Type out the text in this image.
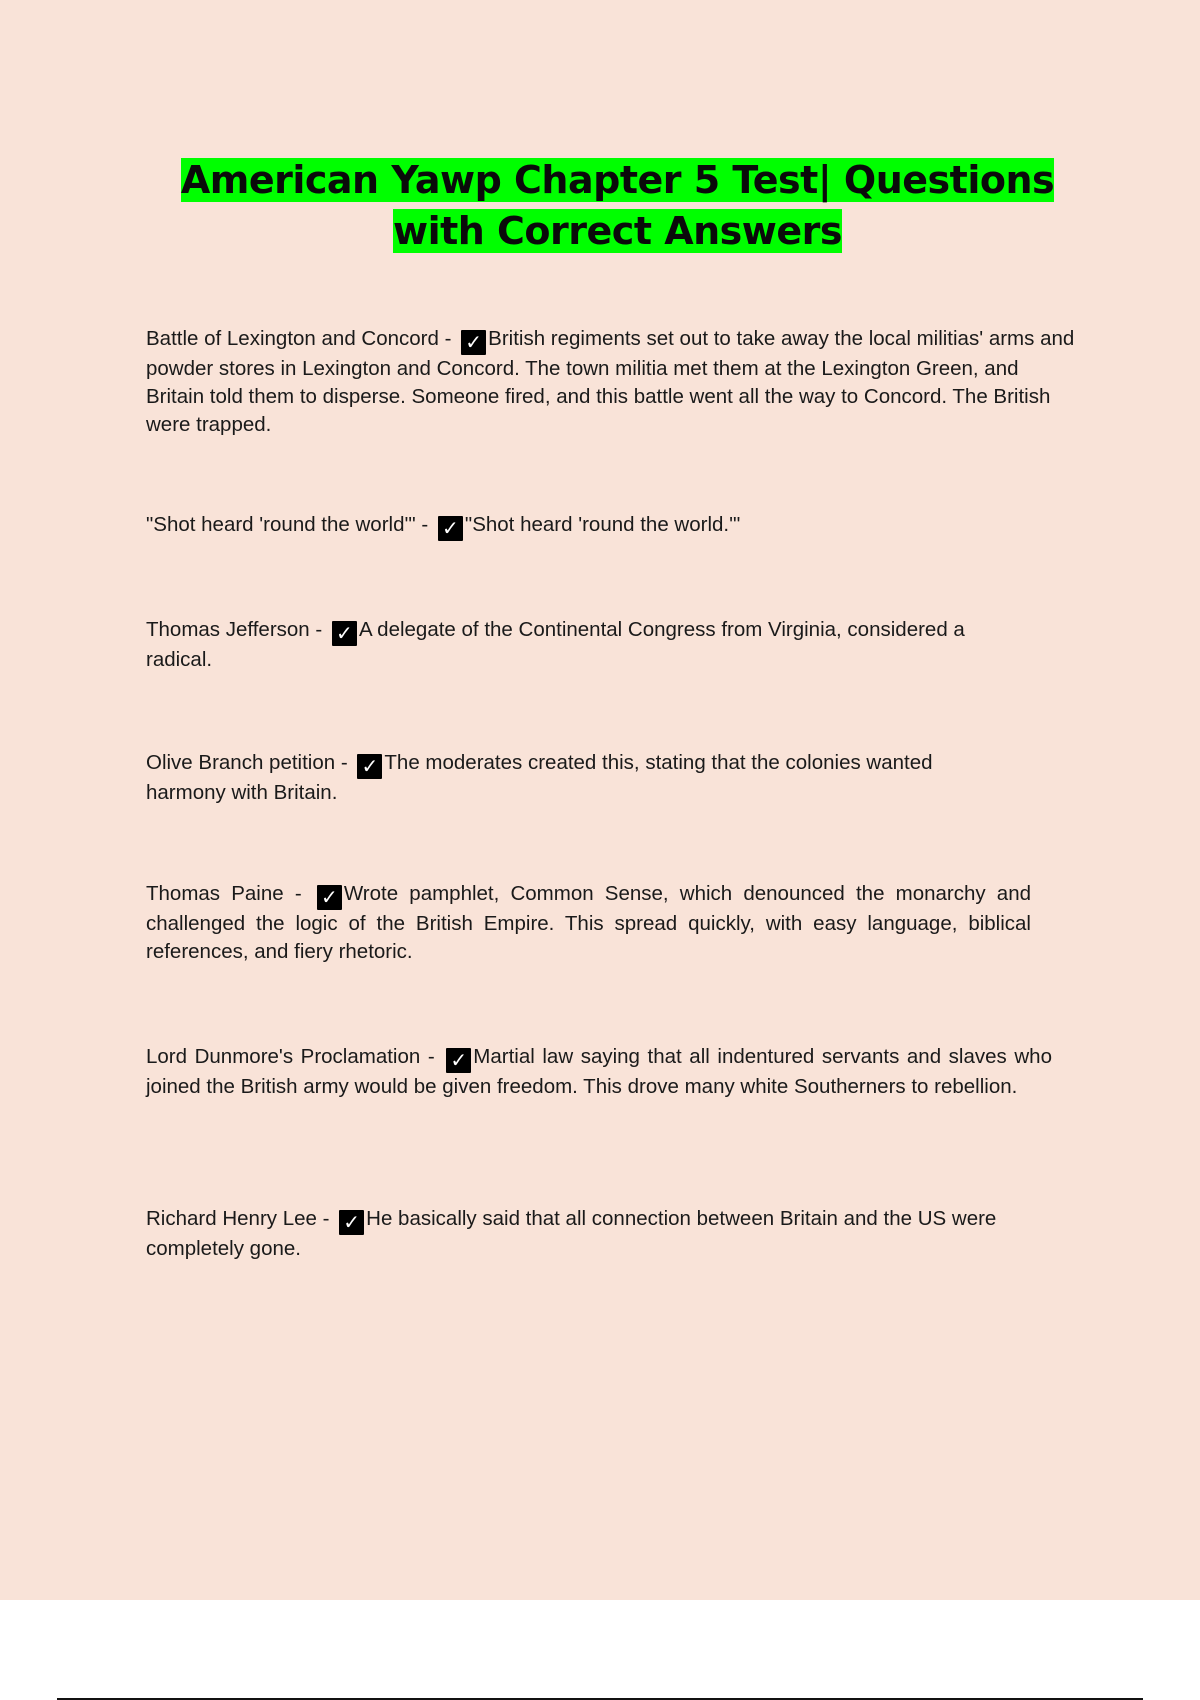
American Yawp Chapter 5 Test| Questions with Correct Answers
Battle of Lexington and Concord - ✓ British regiments set out to take away the local militias' arms and powder stores in Lexington and Concord. The town militia met them at the Lexington Green, and Britain told them to disperse. Someone fired, and this battle went all the way to Concord. The British were trapped.
"Shot heard 'round the world'" - ✓ "Shot heard 'round the world.'"
Thomas Jefferson - ✓ A delegate of the Continental Congress from Virginia, considered a radical.
Olive Branch petition - ✓ The moderates created this, stating that the colonies wanted harmony with Britain.
Thomas Paine - ✓ Wrote pamphlet, Common Sense, which denounced the monarchy and challenged the logic of the British Empire. This spread quickly, with easy language, biblical references, and fiery rhetoric.
Lord Dunmore's Proclamation - ✓ Martial law saying that all indentured servants and slaves who joined the British army would be given freedom. This drove many white Southerners to rebellion.
Richard Henry Lee - ✓ He basically said that all connection between Britain and the US were completely gone.
